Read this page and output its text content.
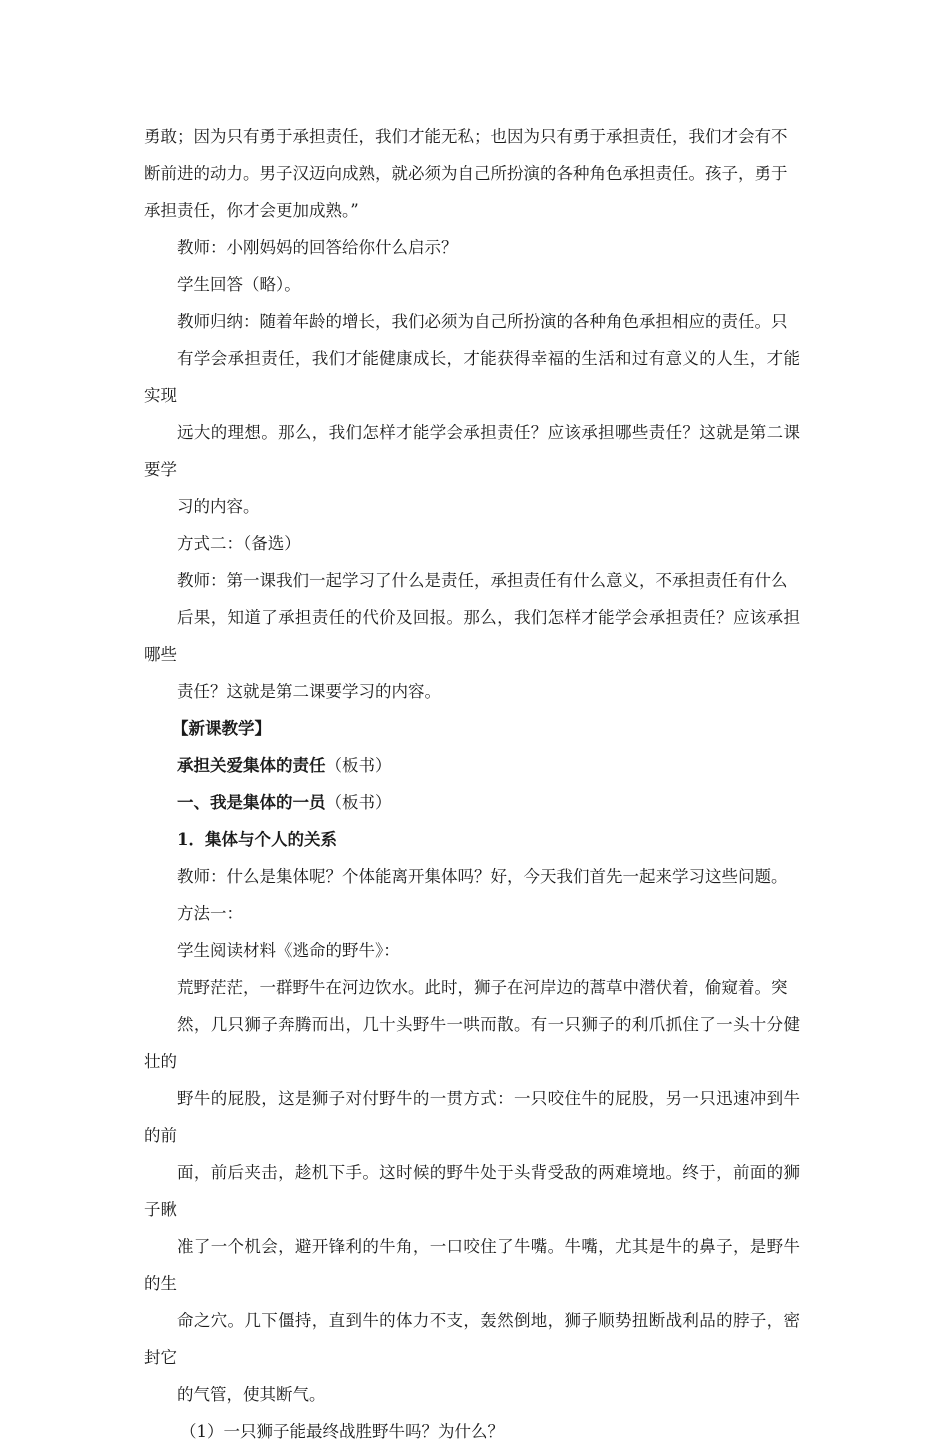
勇敢；因为只有勇于承担责任，我们才能无私；也因为只有勇于承担责任，我们才会有不
断前进的动力。男子汉迈向成熟，就必须为自己所扮演的各种角色承担责任。孩子，勇于
承担责任，你才会更加成熟。”

教师：小刚妈妈的回答给你什么启示？

学生回答（略）。

教师归纳：随着年龄的增长，我们必须为自己所扮演的各种角色承担相应的责任。只
有学会承担责任，我们才能健康成长，才能获得幸福的生活和过有意义的人生，才能实现
远大的理想。那么，我们怎样才能学会承担责任？应该承担哪些责任？这就是第二课要学
习的内容。

方式二：（备选）

教师：第一课我们一起学习了什么是责任，承担责任有什么意义，不承担责任有什么
后果，知道了承担责任的代价及回报。那么，我们怎样才能学会承担责任？应该承担哪些
责任？这就是第二课要学习的内容。

【新课教学】

承担关爱集体的责任（板书）

一、我是集体的一员（板书）

1．集体与个人的关系

教师：什么是集体呢？个体能离开集体吗？好，今天我们首先一起来学习这些问题。

方法一：

学生阅读材料《逃命的野牛》：

荒野茫茫，一群野牛在河边饮水。此时，狮子在河岸边的蒿草中潜伏着，偷窥着。突
然，几只狮子奔腾而出，几十头野牛一哄而散。有一只狮子的利爪抓住了一头十分健壮的
野牛的屁股，这是狮子对付野牛的一贯方式：一只咬住牛的屁股，另一只迅速冲到牛的前
面，前后夹击，趁机下手。这时候的野牛处于头背受敌的两难境地。终于，前面的狮子瞅
准了一个机会，避开锋利的牛角，一口咬住了牛嘴。牛嘴，尤其是牛的鼻子，是野牛的生
命之穴。几下僵持，直到牛的体力不支，轰然倒地，狮子顺势扭断战利品的脖子，密封它
的气管，使其断气。

（1）一只狮子能最终战胜野牛吗？为什么？
